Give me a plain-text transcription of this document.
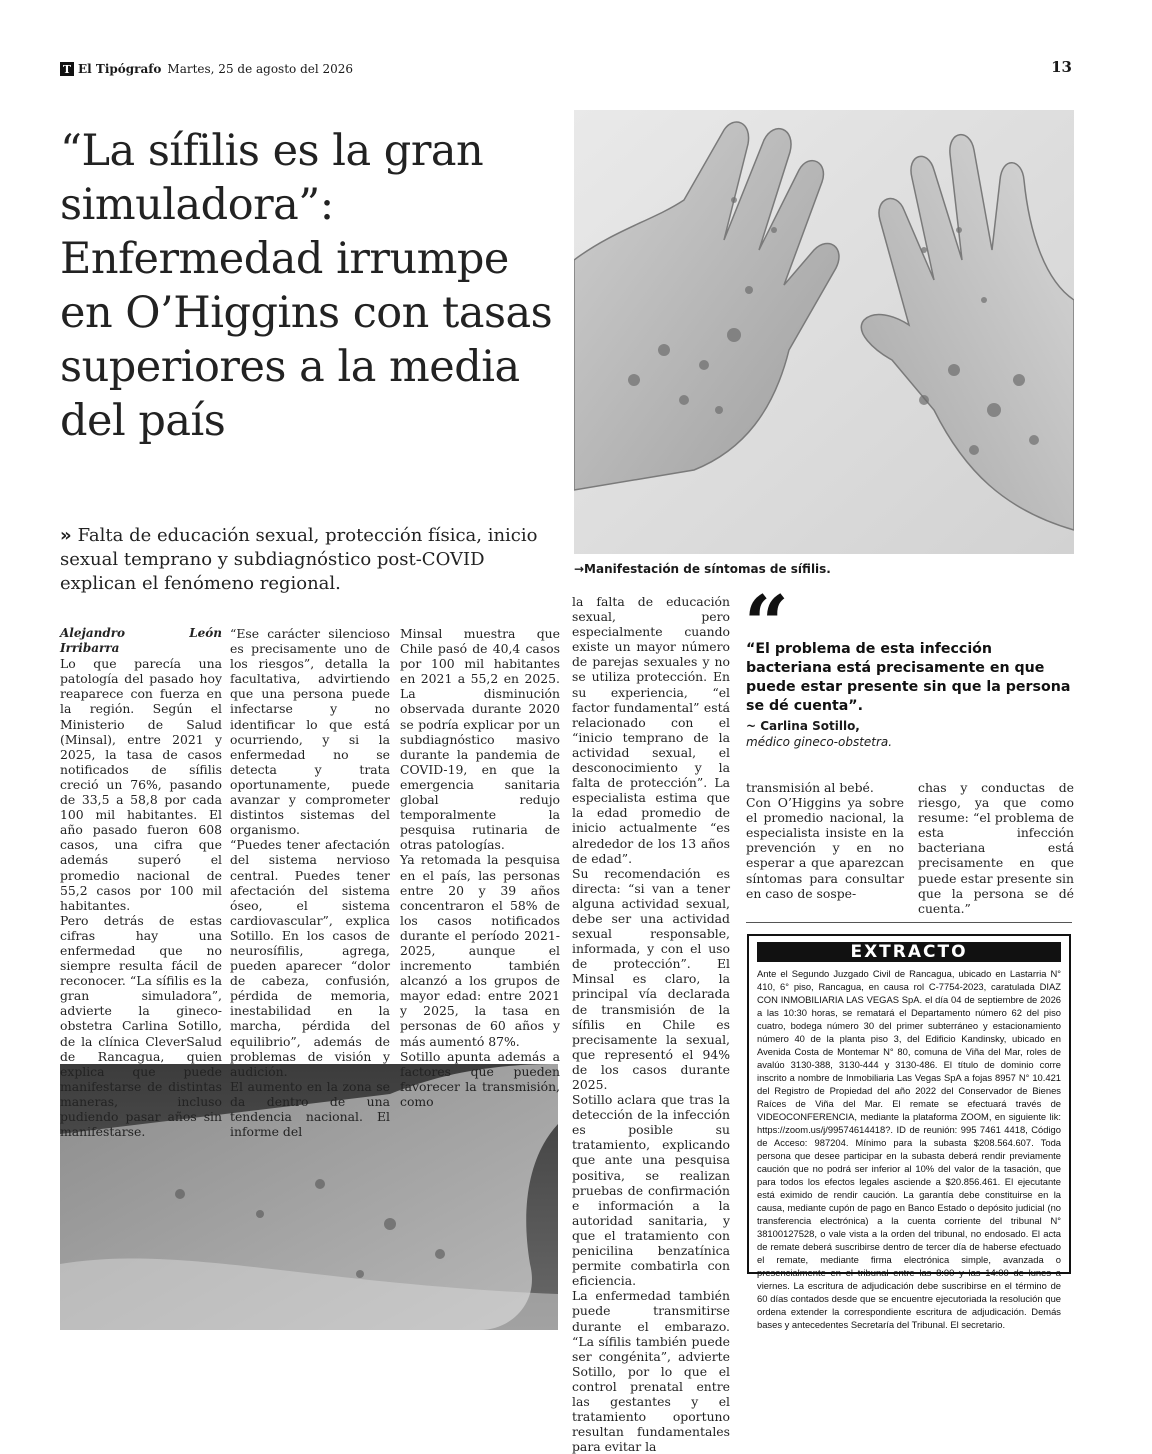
T El Tipógrafo Martes, 25 de agosto del 2026	13
“La sífilis es la gran simuladora”: Enfermedad irrumpe en O’Higgins con tasas superiores a la media del país
» Falta de educación sexual, protección física, inicio sexual temprano y subdiagnóstico post-COVID explican el fenómeno regional.
→Manifestación de síntomas de sífilis.

Alejandro León Irribarra

Lo que parecía una patología del pasado hoy reaparece con fuerza en la región. Según el Ministerio de Salud (Minsal), entre 2021 y 2025, la tasa de casos notificados de sífilis creció un 76%, pasando de 33,5 a 58,8 por cada 100 mil habitantes. El año pasado fueron 608 casos, una cifra que además superó el promedio nacional de 55,2 casos por 100 mil habitantes.

Pero detrás de estas cifras hay una enfermedad que no siempre resulta fácil de reconocer. “La sífilis es la gran simuladora”, advierte la gineco-obstetra Carlina Sotillo, de la clínica CleverSalud de Rancagua, quien explica que puede manifestarse de distintas maneras, incluso pudiendo pasar años sin manifestarse.

“Ese carácter silencioso es precisamente uno de los riesgos”, detalla la facultativa, advirtiendo que una persona puede infectarse y no identificar lo que está ocurriendo, y si la enfermedad no se detecta y trata oportunamente, puede avanzar y comprometer distintos sistemas del organismo.

“Puedes tener afectación del sistema nervioso central. Puedes tener afectación del sistema óseo, el sistema cardiovascular”, explica Sotillo. En los casos de neurosífilis, agrega, pueden aparecer “dolor de cabeza, confusión, pérdida de memoria, inestabilidad en la marcha, pérdida del equilibrio”, además de problemas de visión y audición.

El aumento en la zona se da dentro de una tendencia nacional. El informe del

Minsal muestra que Chile pasó de 40,4 casos por 100 mil habitantes en 2021 a 55,2 en 2025. La disminución observada durante 2020 se podría explicar por un subdiagnóstico masivo durante la pandemia de COVID-19, en que la emergencia sanitaria global redujo temporalmente la pesquisa rutinaria de otras patologías.

Ya retomada la pesquisa en el país, las personas entre 20 y 39 años concentraron el 58% de los casos notificados durante el período 2021-2025, aunque el incremento también alcanzó a los grupos de mayor edad: entre 2021 y 2025, la tasa en personas de 60 años y más aumentó 87%.

Sotillo apunta además a factores que pueden favorecer la transmisión, como

la falta de educación sexual, pero especialmente cuando existe un mayor número de parejas sexuales y no se utiliza protección. En su experiencia, “el factor fundamental” está relacionado con el “inicio temprano de la actividad sexual, el desconocimiento y la falta de protección”. La especialista estima que la edad promedio de inicio actualmente “es alrededor de los 13 años de edad”.

Su recomendación es directa: “si van a tener alguna actividad sexual, debe ser una actividad sexual responsable, informada, y con el uso de protección”. El Minsal es claro, la principal vía declarada de transmisión de la sífilis en Chile es precisamente la sexual, que representó el 94% de los casos durante 2025.

Sotillo aclara que tras la detección de la infección es posible su tratamiento, explicando que ante una pesquisa positiva, se realizan pruebas de confirmación e información a la autoridad sanitaria, y que el tratamiento con penicilina benzatínica permite combatirla con eficiencia.

La enfermedad también puede transmitirse durante el embarazo. “La sífilis también puede ser congénita”, advierte Sotillo, por lo que el control prenatal entre las gestantes y el tratamiento oportuno resultan fundamentales para evitar la

“
“El problema de esta infección bacteriana está precisamente en que puede estar presente sin que la persona se dé cuenta”.
~ Carlina Sotillo,
médico gineco-obstetra.

transmisión al bebé.

Con O’Higgins ya sobre el promedio nacional, la especialista insiste en la prevención y en no esperar a que aparezcan síntomas para consultar en caso de sospe-

chas y conductas de riesgo, ya que como resume: “el problema de esta infección bacteriana está precisamente en que puede estar presente sin que la persona se dé cuenta.”

EXTRACTO
Ante el Segundo Juzgado Civil de Rancagua, ubicado en Lastarria N° 410, 6° piso, Rancagua, en causa rol C-7754-2023, caratulada DIAZ CON INMOBILIARIA LAS VEGAS SpA. el día 04 de septiembre de 2026 a las 10:30 horas, se rematará el Departamento número 62 del piso cuatro, bodega número 30 del primer subterráneo y estacionamiento número 40 de la planta piso 3, del Edificio Kandinsky, ubicado en Avenida Costa de Montemar N° 80, comuna de Viña del Mar, roles de avalúo 3130-388, 3130-444 y 3130-486. El título de dominio corre inscrito a nombre de Inmobiliaria Las Vegas SpA a fojas 8957 N° 10.421 del Registro de Propiedad del año 2022 del Conservador de Bienes Raíces de Viña del Mar. El remate se efectuará través de VIDEOCONFERENCIA, mediante la plataforma ZOOM, en siguiente lik: https://zoom.us/j/99574614418?. ID de reunión: 995 7461 4418, Código de Acceso: 987204. Mínimo para la subasta $208.564.607. Toda persona que desee participar en la subasta deberá rendir previamente caución que no podrá ser inferior al 10% del valor de la tasación, que para todos los efectos legales asciende a $20.856.461. El ejecutante está eximido de rendir caución. La garantía debe constituirse en la causa, mediante cupón de pago en Banco Estado o depósito judicial (no transferencia electrónica) a la cuenta corriente del tribunal N° 38100127528, o vale vista a la orden del tribunal, no endosado. El acta de remate deberá suscribirse dentro de tercer día de haberse efectuado el remate, mediante firma electrónica simple, avanzada o presencialmente en el tribunal entre las 8:00 y las 14:00 de lunes a viernes. La escritura de adjudicación debe suscribirse en el término de 60 días contados desde que se encuentre ejecutoriada la resolución que ordena extender la correspondiente escritura de adjudicación. Demás bases y antecedentes Secretaría del Tribunal. El secretario.
